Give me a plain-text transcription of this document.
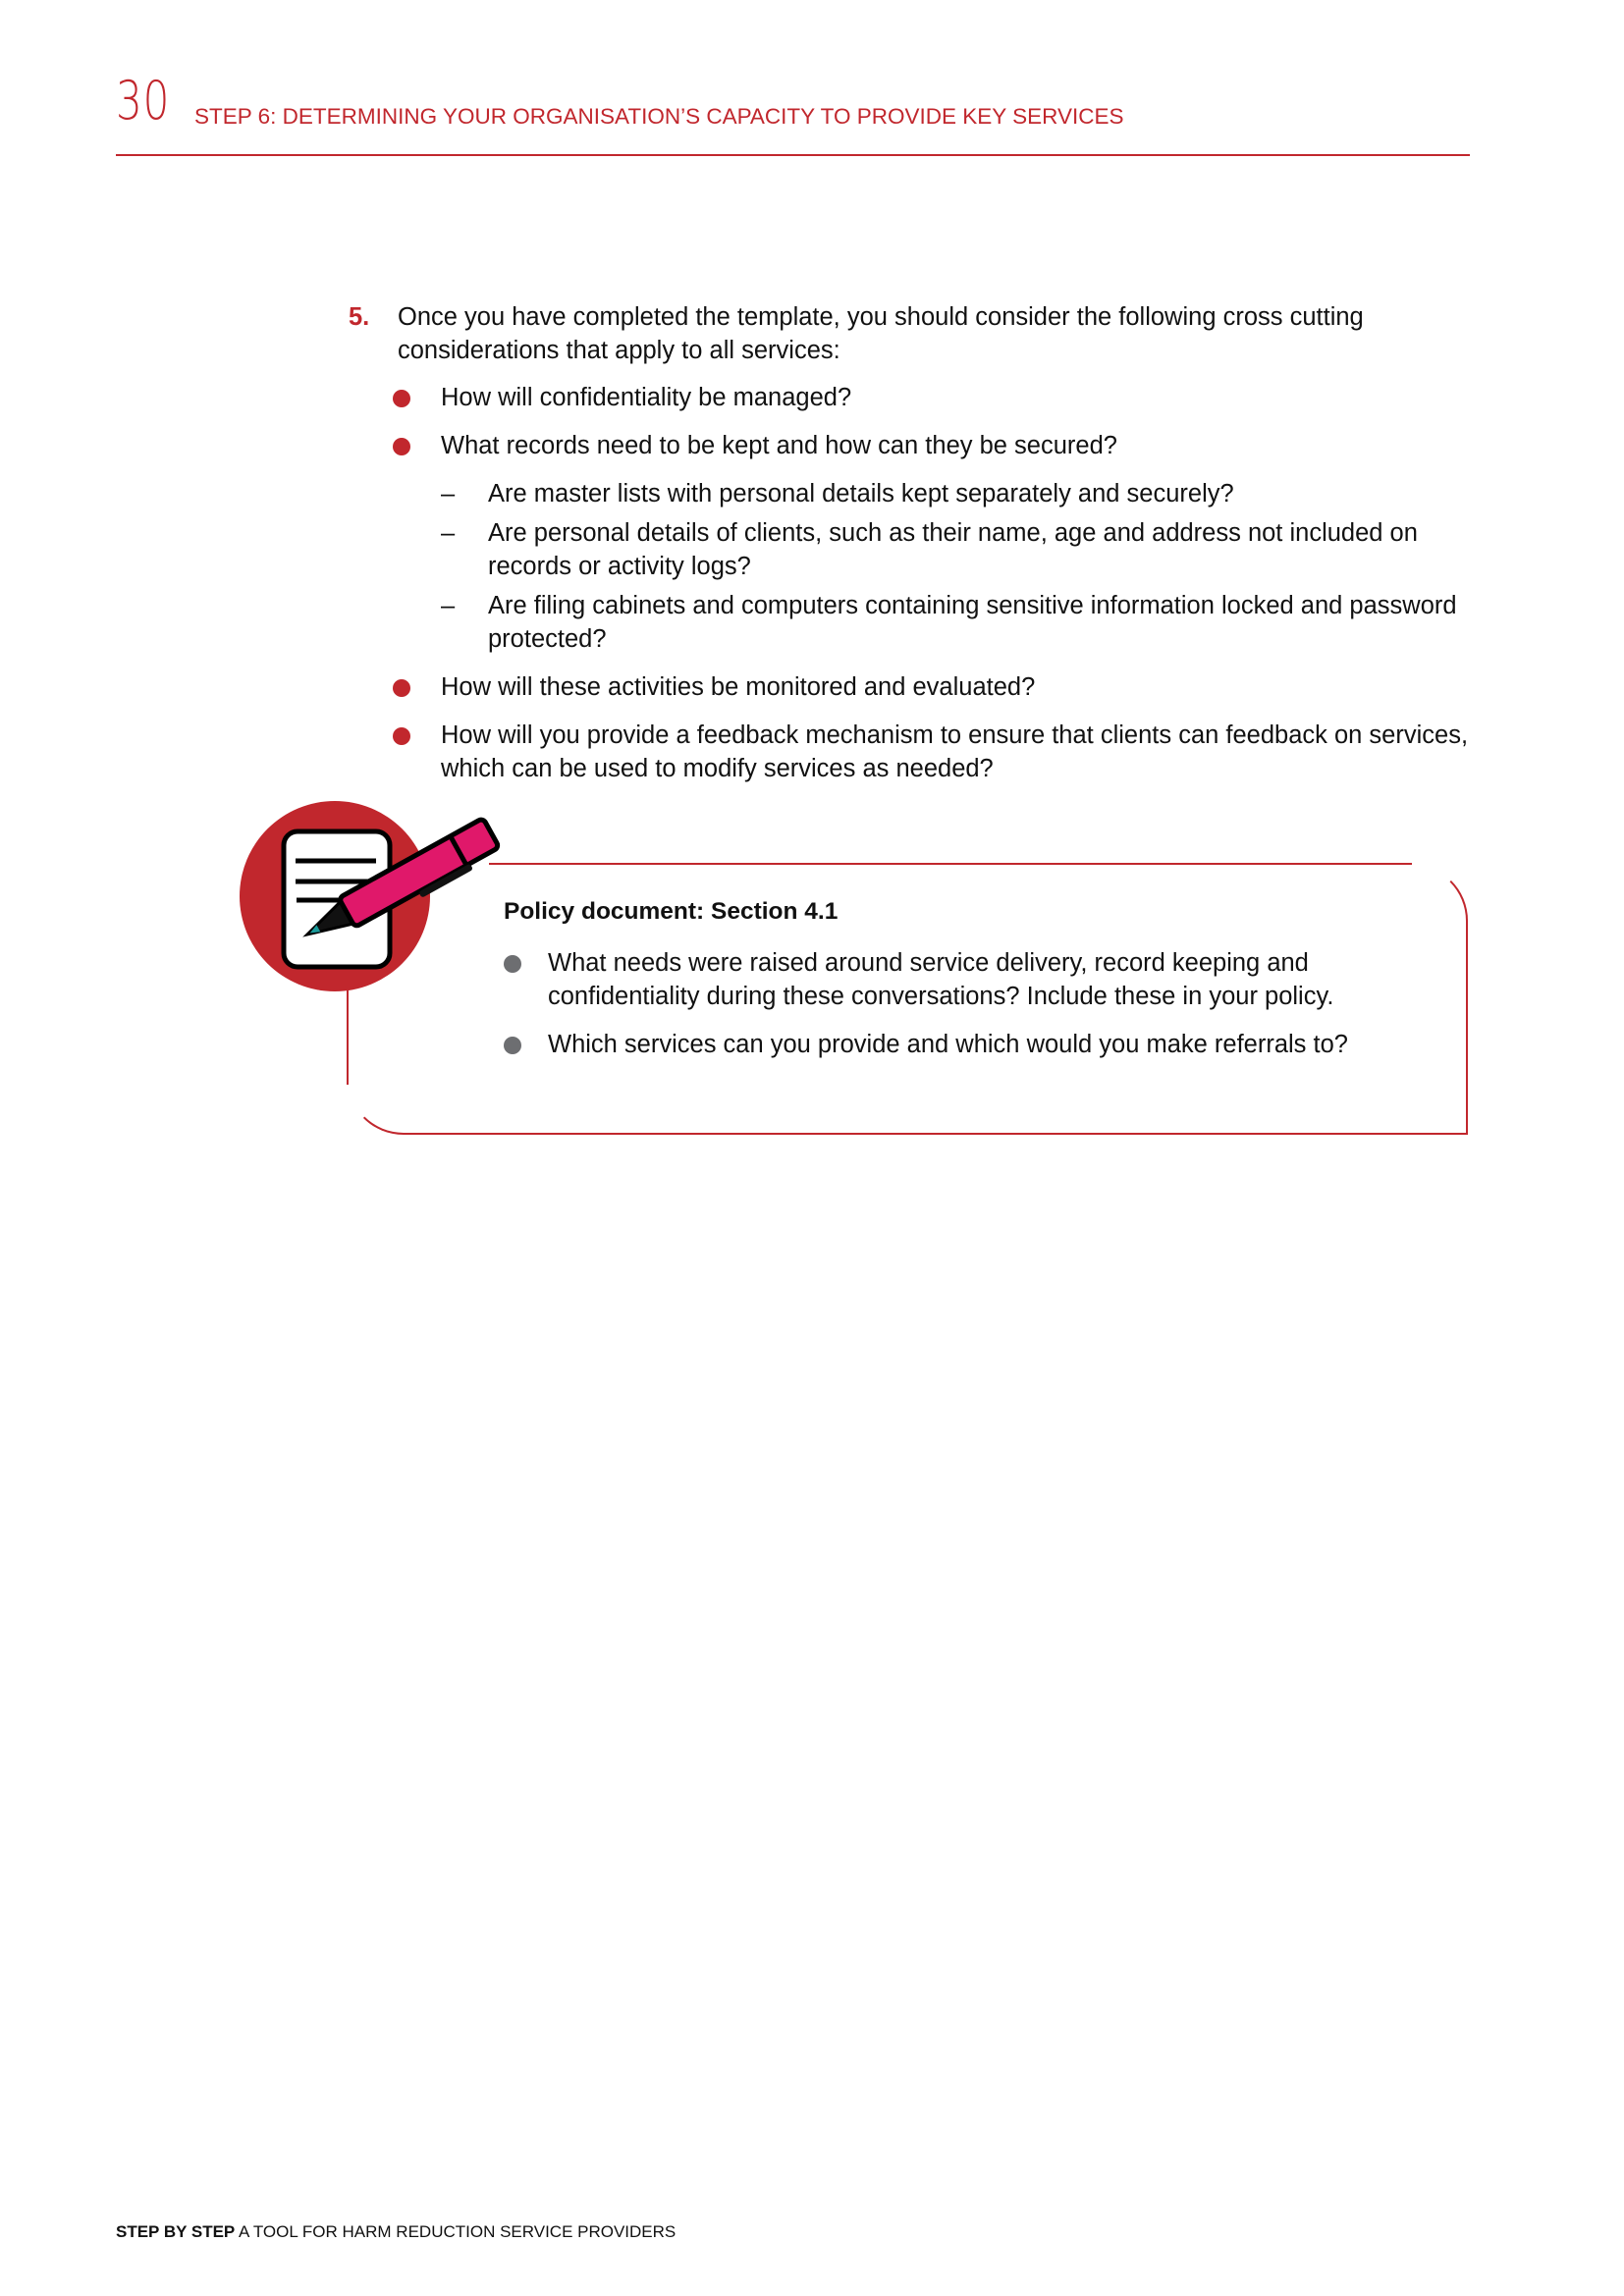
30 STEP 6: DETERMINING YOUR ORGANISATION’S CAPACITY TO PROVIDE KEY SERVICES
5. Once you have completed the template, you should consider the following cross cutting considerations that apply to all services:
How will confidentiality be managed?
What records need to be kept and how can they be secured?
– Are master lists with personal details kept separately and securely?
– Are personal details of clients, such as their name, age and address not included on records or activity logs?
– Are filing cabinets and computers containing sensitive information locked and password protected?
How will these activities be monitored and evaluated?
How will you provide a feedback mechanism to ensure that clients can feedback on services, which can be used to modify services as needed?
Policy document: Section 4.1
What needs were raised around service delivery, record keeping and confidentiality during these conversations? Include these in your policy.
Which services can you provide and which would you make referrals to?
STEP BY STEP A TOOL FOR HARM REDUCTION SERVICE PROVIDERS
